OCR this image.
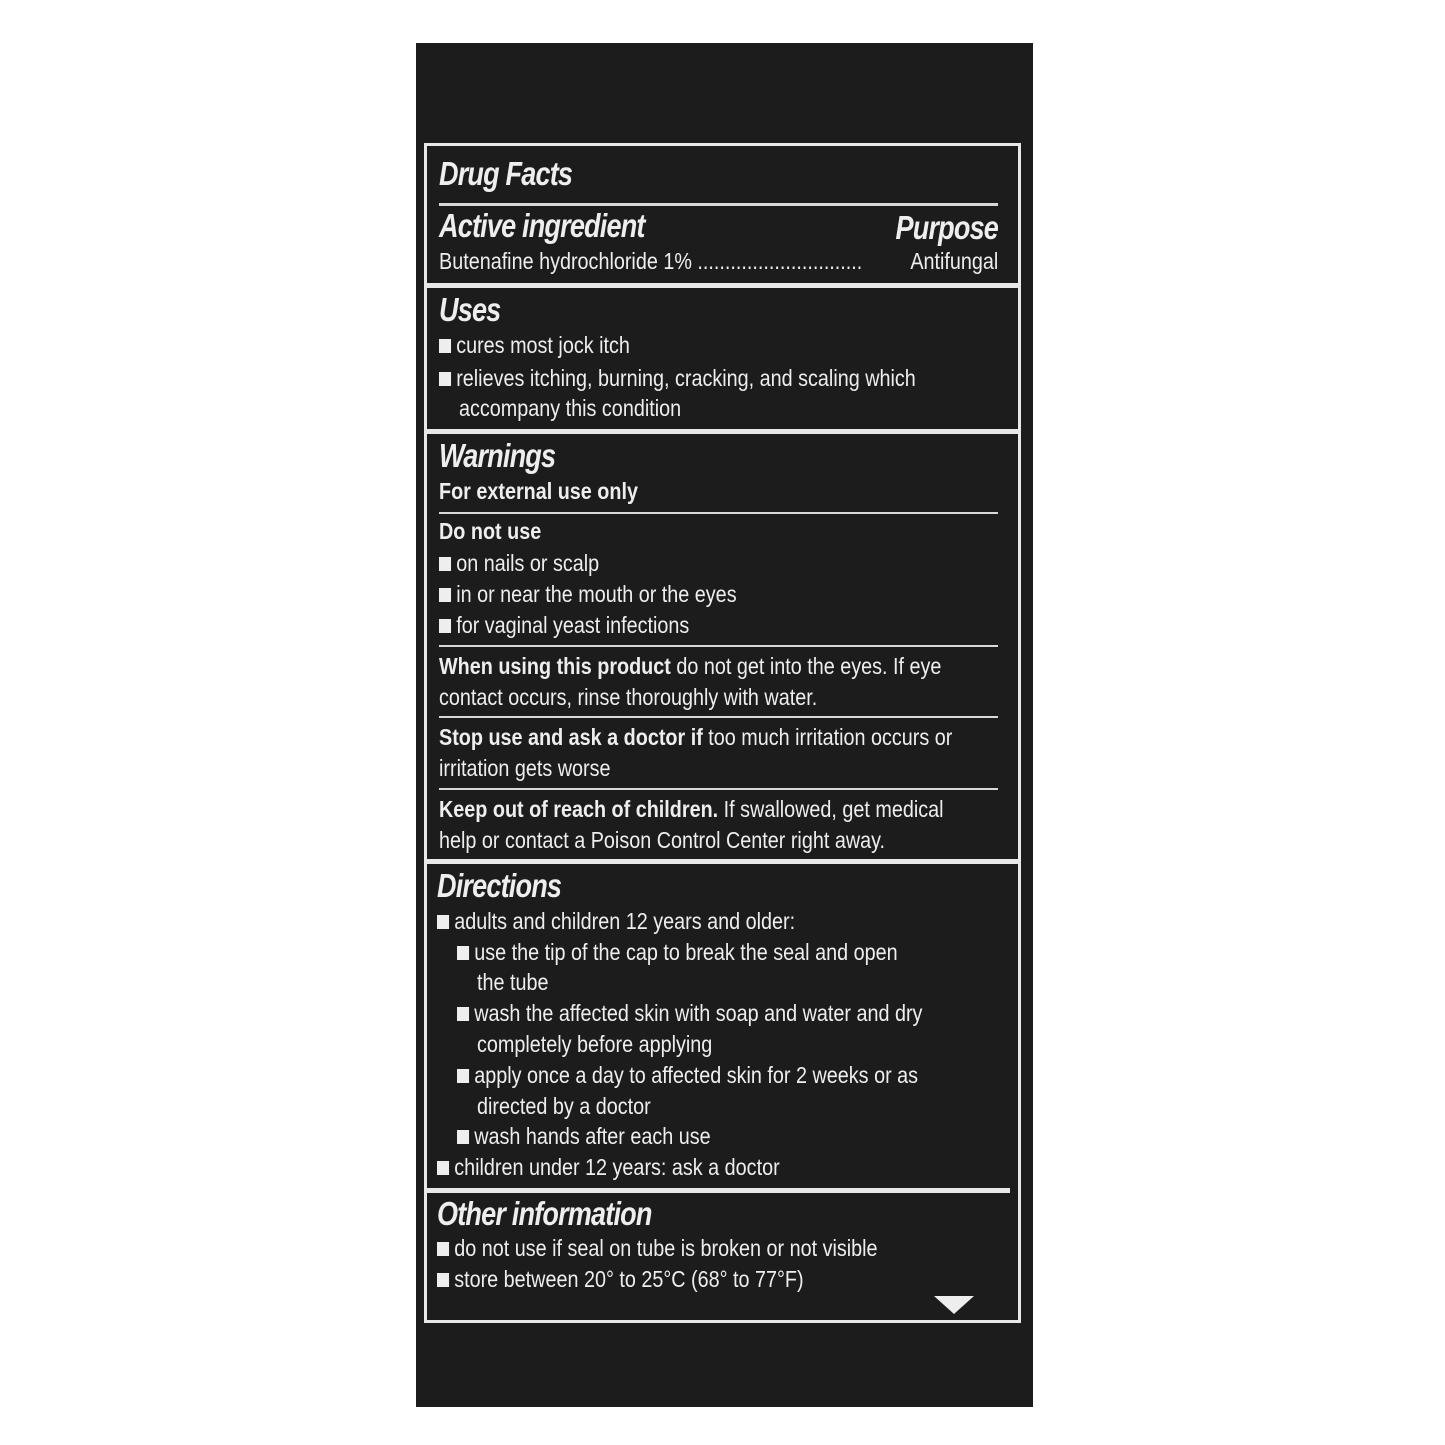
Drug Facts
Active ingredient	Purpose
Butenafine hydrochloride 1% .............................. Antifungal
Uses
cures most jock itch
relieves itching, burning, cracking, and scaling which
accompany this condition
Warnings
For external use only
Do not use
on nails or scalp
in or near the mouth or the eyes
for vaginal yeast infections
When using this product do not get into the eyes. If eye
contact occurs, rinse thoroughly with water.
Stop use and ask a doctor if too much irritation occurs or
irritation gets worse
Keep out of reach of children. If swallowed, get medical
help or contact a Poison Control Center right away.
Directions
adults and children 12 years and older:
use the tip of the cap to break the seal and open
the tube
wash the affected skin with soap and water and dry
completely before applying
apply once a day to affected skin for 2 weeks or as
directed by a doctor
wash hands after each use
children under 12 years: ask a doctor
Other information
do not use if seal on tube is broken or not visible
store between 20° to 25°C (68° to 77°F)
